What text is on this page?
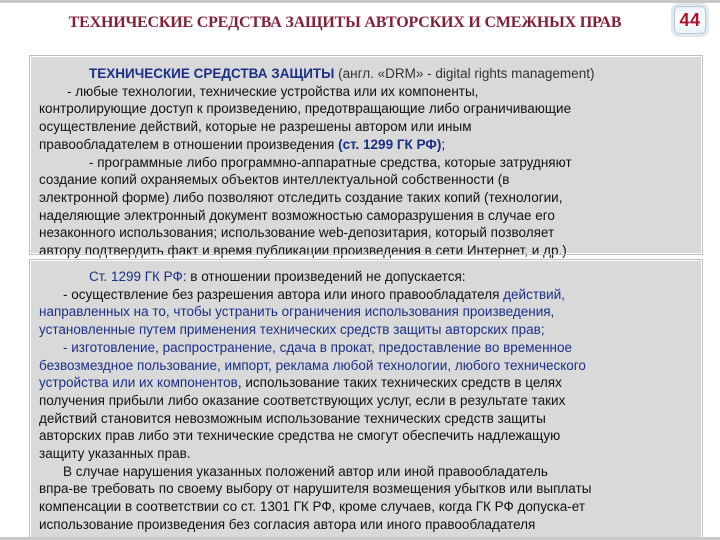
ТЕХНИЧЕСКИЕ СРЕДСТВА ЗАЩИТЫ АВТОРСКИХ И СМЕЖНЫХ ПРАВ	44
ТЕХНИЧЕСКИЕ СРЕДСТВА ЗАЩИТЫ (англ. «DRM» - digital rights management)
- любые технологии, технические устройства или их компоненты,
контролирующие доступ к произведению, предотвращающие либо ограничивающие
осуществление действий, которые не разрешены автором или иным
правообладателем в отношении произведения (ст. 1299 ГК РФ);
- программные либо программно-аппаратные средства, которые затрудняют
создание копий охраняемых объектов интеллектуальной собственности (в
электронной форме) либо позволяют отследить создание таких копий (технологии,
наделяющие электронный документ возможностью саморазрушения в случае его
незаконного использования; использование web-депозитария, который позволяет
автору подтвердить факт и время публикации произведения в сети Интернет, и др.)
Ст. 1299 ГК РФ: в отношении произведений не допускается:
- осуществление без разрешения автора или иного правообладателя действий,
направленных на то, чтобы устранить ограничения использования произведения,
установленные путем применения технических средств защиты авторских прав;
- изготовление, распространение, сдача в прокат, предоставление во временное
безвозмездное пользование, импорт, реклама любой технологии, любого технического
устройства или их компонентов, использование таких технических средств в целях
получения прибыли либо оказание соответствующих услуг, если в результате таких
действий становится невозможным использование технических средств защиты
авторских прав либо эти технические средства не смогут обеспечить надлежащую
защиту указанных прав.
В случае нарушения указанных положений автор или иной правообладатель
впра-ве требовать по своему выбору от нарушителя возмещения убытков или выплаты
компенсации в соответствии со ст. 1301 ГК РФ, кроме случаев, когда ГК РФ допуска-ет
использование произведения без согласия автора или иного правообладателя
